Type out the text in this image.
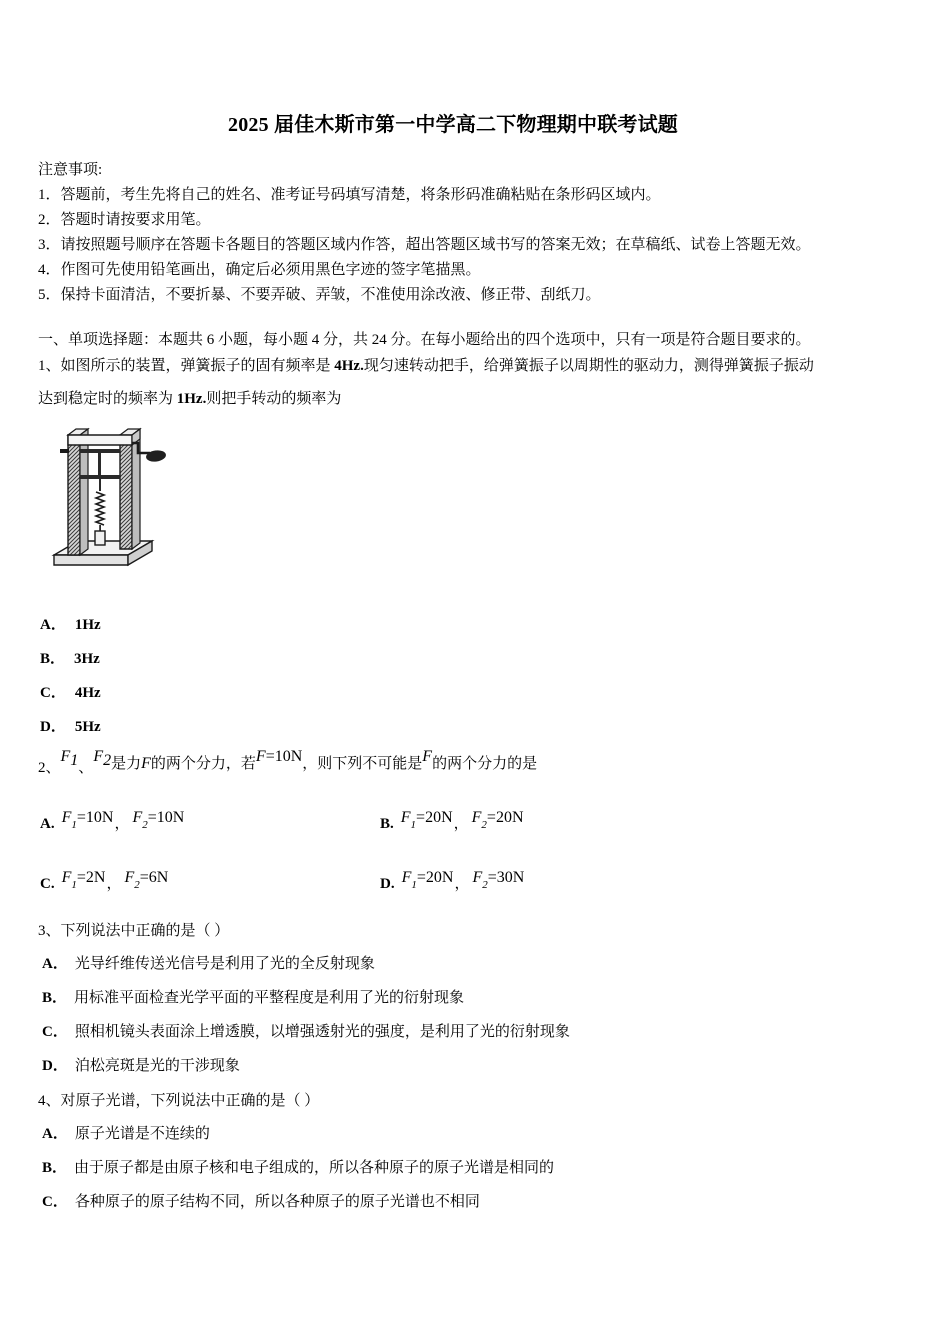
2025 届佳木斯市第一中学高二下物理期中联考试题
注意事项:
1．答题前，考生先将自己的姓名、准考证号码填写清楚，将条形码准确粘贴在条形码区域内。
2．答题时请按要求用笔。
3．请按照题号顺序在答题卡各题目的答题区域内作答，超出答题区域书写的答案无效；在草稿纸、试卷上答题无效。
4．作图可先使用铅笔画出，确定后必须用黑色字迹的签字笔描黑。
5．保持卡面清洁，不要折暴、不要弄破、弄皱，不准使用涂改液、修正带、刮纸刀。
一、单项选择题：本题共 6 小题，每小题 4 分，共 24 分。在每小题给出的四个选项中，只有一项是符合题目要求的。
1、如图所示的装置，弹簧振子的固有频率是 4Hz.现匀速转动把手，给弹簧振子以周期性的驱动力，测得弹簧振子振动
达到稳定时的频率为 1Hz.则把手转动的频率为
A． 1Hz
B． 3Hz
C． 4Hz
D． 5Hz
2、F1、F2是力F的两个分力，若F=10N，则下列不可能是F的两个分力的是
A. $F_1=10N$， $F_2=10N$	B. $F_1=20N$， $F_2=20N$
C. $F_1=2N$， $F_2=6N$	D. $F_1=20N$， $F_2=30N$
3、下列说法中正确的是（ ）
A． 光导纤维传送光信号是利用了光的全反射现象
B． 用标准平面检查光学平面的平整程度是利用了光的衍射现象
C． 照相机镜头表面涂上增透膜，以增强透射光的强度，是利用了光的衍射现象
D． 泊松亮斑是光的干涉现象
4、对原子光谱，下列说法中正确的是（ ）
A． 原子光谱是不连续的
B． 由于原子都是由原子核和电子组成的，所以各种原子的原子光谱是相同的
C． 各种原子的原子结构不同，所以各种原子的原子光谱也不相同
